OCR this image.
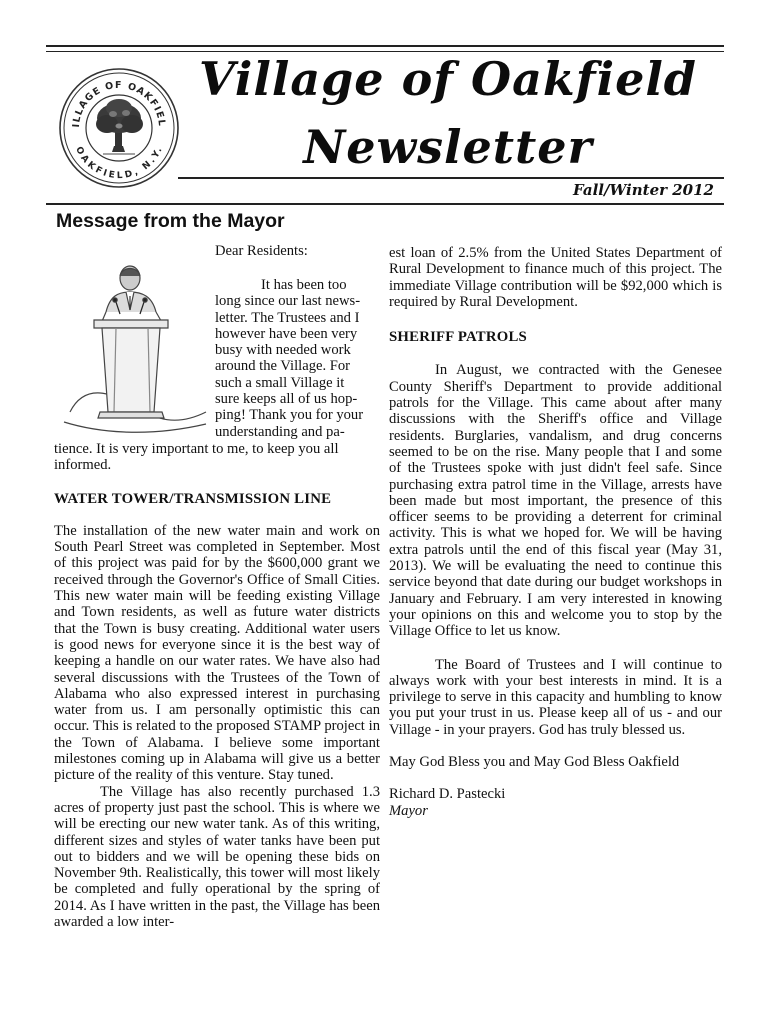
ILLAGE OF OAKFIEL
OAKFIELD, N.Y.
Village of Oakfield
Newsletter
Fall/Winter 2012
Message from the Mayor
Dear Residents:
It has been too
long since our last news-
letter. The Trustees and I
however have been very
busy with needed work
around the Village. For
such a small Village it
sure keeps all of us hop-
ping! Thank you for your
understanding and pa-

tience. It is very important to me, to keep you all informed.

WATER TOWER/TRANSMISSION LINE

The installation of the new water main and work on South Pearl Street was completed in September. Most of this project was paid for by the $600,000 grant we received through the Governor's Office of Small Cities. This new water main will be feeding existing Village and Town residents, as well as future water districts that the Town is busy creating. Additional water users is good news for everyone since it is the best way of keeping a handle on our water rates. We have also had several discussions with the Trustees of the Town of Alabama who also expressed interest in purchasing water from us. I am personally optimistic this can occur. This is related to the proposed STAMP project in the Town of Alabama. I believe some important milestones coming up in Alabama will give us a better picture of the reality of this venture. Stay tuned.

The Village has also recently purchased 1.3 acres of property just past the school. This is where we will be erecting our new water tank. As of this writing, different sizes and styles of water tanks have been put out to bidders and we will be opening these bids on November 9th. Realistically, this tower will most likely be completed and fully operational by the spring of 2014. As I have written in the past, the Village has been awarded a low inter-

est loan of 2.5% from the United States Department of Rural Development to finance much of this project. The immediate Village contribution will be $92,000 which is required by Rural Development.

SHERIFF PATROLS

In August, we contracted with the Genesee County Sheriff's Department to provide additional patrols for the Village. This came about after many discussions with the Sheriff's office and Village residents. Burglaries, vandalism, and drug concerns seemed to be on the rise. Many people that I and some of the Trustees spoke with just didn't feel safe. Since purchasing extra patrol time in the Village, arrests have been made but most important, the presence of this officer seems to be providing a deterrent for criminal activity. This is what we hoped for. We will be having extra patrols until the end of this fiscal year (May 31, 2013). We will be evaluating the need to continue this service beyond that date during our budget workshops in January and February. I am very interested in knowing your opinions on this and welcome you to stop by the Village Office to let us know.

The Board of Trustees and I will continue to always work with your best interests in mind. It is a privilege to serve in this capacity and humbling to know you put your trust in us. Please keep all of us - and our Village - in your prayers. God has truly blessed us.

May God Bless you and May God Bless Oakfield

Richard D. Pastecki

Mayor
